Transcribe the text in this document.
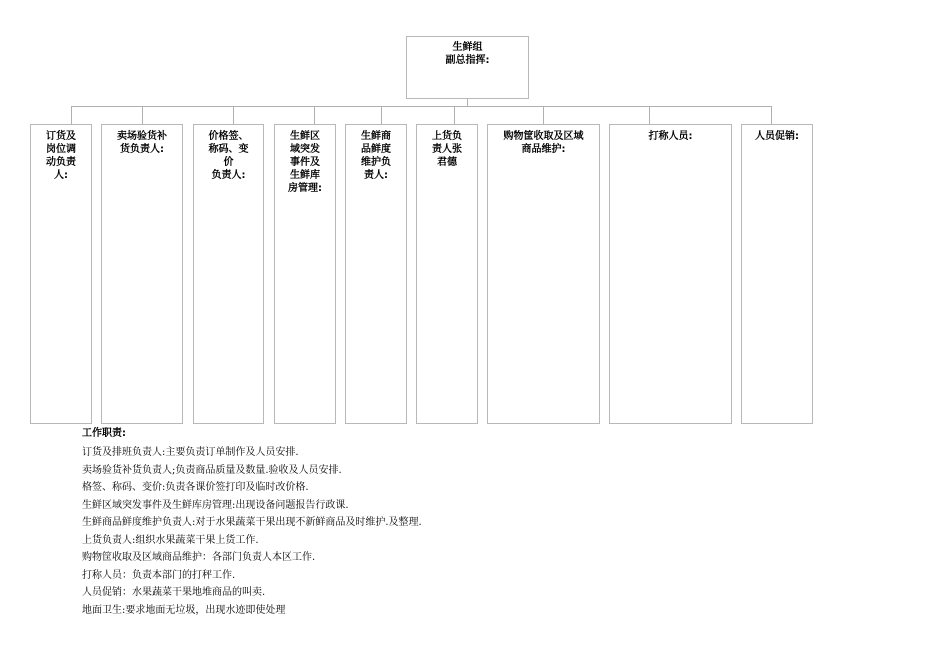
生鲜组
副总指挥:
订货及
岗位调
动负责
人:
卖场验货补
货负责人:
价格签、
称码、变
价
负责人:
生鲜区
域突发
事件及
生鲜库
房管理:
生鲜商
品鲜度
维护负
责人:
上货负
责人张
君德
购物筐收取及区域
商品维护:
打称人员:	人员促销:
工作职责:
订货及排班负责人:主要负责订单制作及人员安排.
卖场验货补货负责人;负责商品质量及数量.验收及人员安排.
格签、称码、变价:负责各课价签打印及临时改价格.
生鲜区域突发事件及生鲜库房管理:出现设备问题报告行政课.
生鲜商品鲜度维护负责人:对于水果蔬菜干果出现不新鲜商品及时维护.及整理.
上货负责人:组织水果蔬菜干果上货工作.
购物筐收取及区域商品维护：各部门负责人本区工作.
打称人员：负责本部门的打秤工作.
人员促销：水果蔬菜干果地堆商品的叫卖.
地面卫生:要求地面无垃圾，出现水迹即使处理
